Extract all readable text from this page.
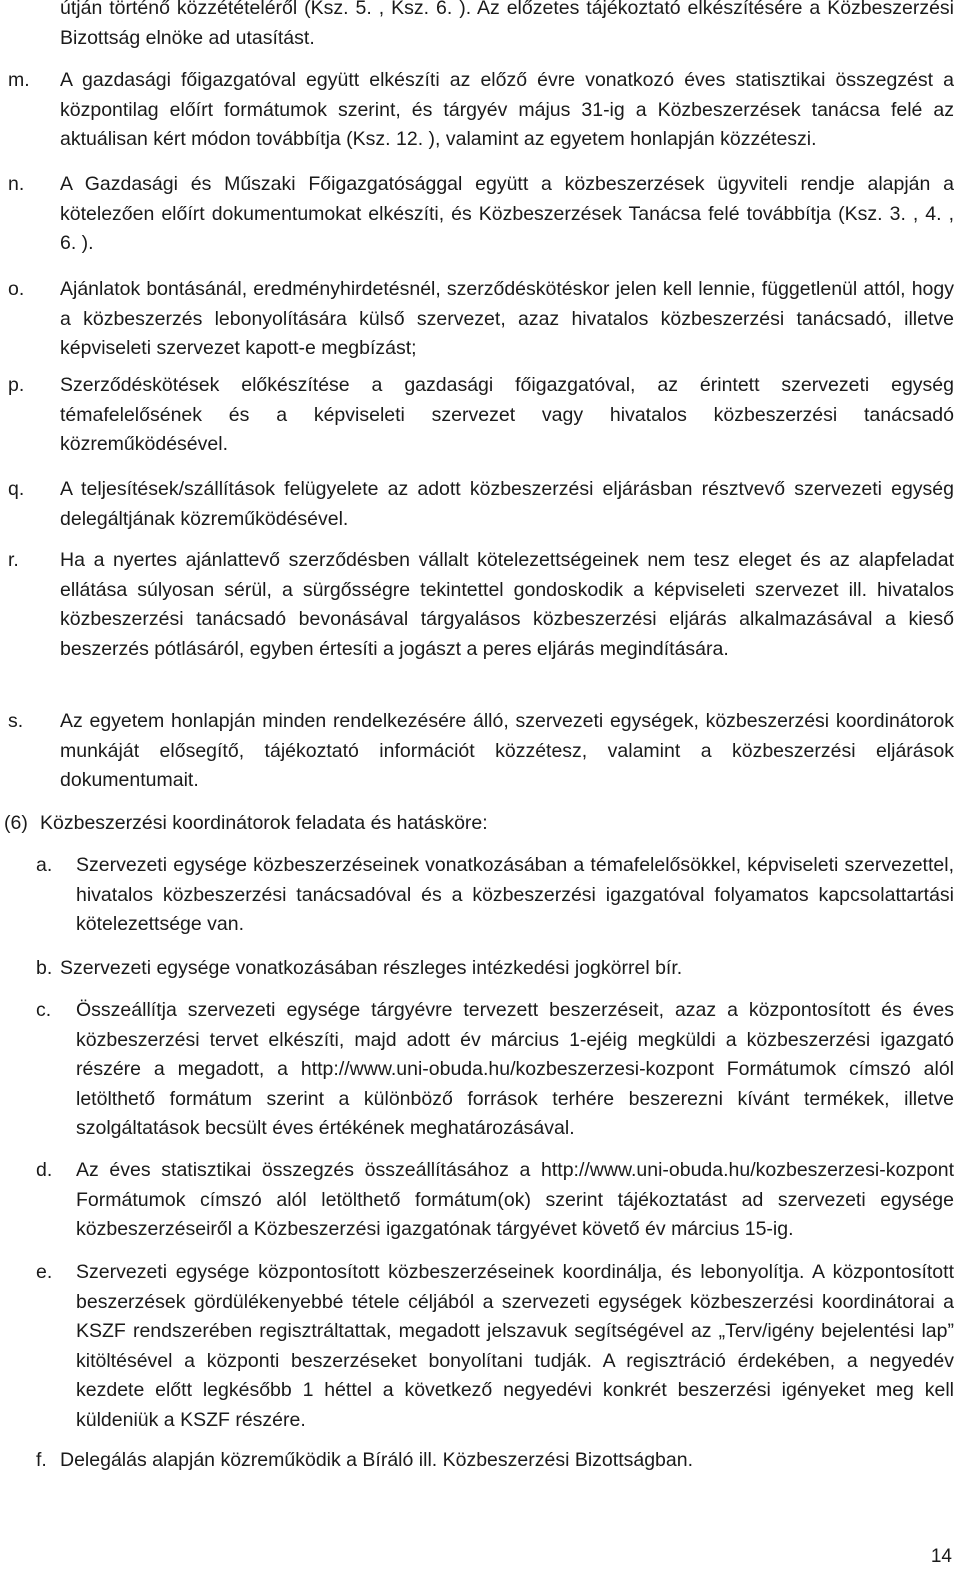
útján történő közzétételéről (Ksz. 5. , Ksz. 6. ). Az előzetes tájékoztató elkészítésére a Közbeszerzési Bizottság elnöke ad utasítást.
m. A gazdasági főigazgatóval együtt elkészíti az előző évre vonatkozó éves statisztikai összegzést a központilag előírt formátumok szerint, és tárgyév május 31-ig a Közbeszerzések tanácsa felé az aktuálisan kért módon továbbítja (Ksz. 12. ), valamint az egyetem honlapján közzéteszi.
n. A Gazdasági és Műszaki Főigazgatósággal együtt a közbeszerzések ügyviteli rendje alapján a kötelezően előírt dokumentumokat elkészíti, és Közbeszerzések Tanácsa felé továbbítja (Ksz. 3. , 4. , 6. ).
o. Ajánlatok bontásánál, eredményhirdetésnél, szerződéskötéskor jelen kell lennie, függetlenül attól, hogy a közbeszerzés lebonyolítására külső szervezet, azaz hivatalos közbeszerzési tanácsadó, illetve képviseleti szervezet kapott-e megbízást;
p. Szerződéskötések előkészítése a gazdasági főigazgatóval, az érintett szervezeti egység témafelelősének és a képviseleti szervezet vagy hivatalos közbeszerzési tanácsadó közreműködésével.
q. A teljesítések/szállítások felügyelete az adott közbeszerzési eljárásban résztvevő szervezeti egység delegáltjának közreműködésével.
r. Ha a nyertes ajánlattevő szerződésben vállalt kötelezettségeinek nem tesz eleget és az alapfeladat ellátása súlyosan sérül, a sürgősségre tekintettel gondoskodik a képviseleti szervezet ill. hivatalos közbeszerzési tanácsadó bevonásával tárgyalásos közbeszerzési eljárás alkalmazásával a kieső beszerzés pótlásáról, egyben értesíti a jogászt a peres eljárás megindítására.
s. Az egyetem honlapján minden rendelkezésére álló, szervezeti egységek, közbeszerzési koordinátorok munkáját elősegítő, tájékoztató információt közzétesz, valamint a közbeszerzési eljárások dokumentumait.
(6) Közbeszerzési koordinátorok feladata és hatásköre:
a. Szervezeti egysége közbeszerzéseinek vonatkozásában a témafelelősökkel, képviseleti szervezettel, hivatalos közbeszerzési tanácsadóval és a közbeszerzési igazgatóval folyamatos kapcsolattartási kötelezettsége van.
b. Szervezeti egysége vonatkozásában részleges intézkedési jogkörrel bír.
c. Összeállítja szervezeti egysége tárgyévre tervezett beszerzéseit, azaz a központosított és éves közbeszerzési tervet elkészíti, majd adott év március 1-ejéig megküldi a közbeszerzési igazgató részére a megadott, a http://www.uni-obuda.hu/kozbeszerzesi-kozpont Formátumok címszó alól letölthető formátum szerint a különböző források terhére beszerezni kívánt termékek, illetve szolgáltatások becsült éves értékének meghatározásával.
d. Az éves statisztikai összegzés összeállításához a http://www.uni-obuda.hu/kozbeszerzesi-kozpont Formátumok címszó alól letölthető formátum(ok) szerint tájékoztatást ad szervezeti egysége közbeszerzéseiről a Közbeszerzési igazgatónak tárgyévet követő év március 15-ig.
e. Szervezeti egysége központosított közbeszerzéseinek koordinálja, és lebonyolítja. A központosított beszerzések gördülékenyebbé tétele céljából a szervezeti egységek közbeszerzési koordinátorai a KSZF rendszerében regisztráltattak, megadott jelszavuk segítségével az „Terv/igény bejelentési lap” kitöltésével a központi beszerzéseket bonyolítani tudják. A regisztráció érdekében, a negyedév kezdete előtt legkésőbb 1 héttel a következő negyedévi konkrét beszerzési igényeket meg kell küldeniük a KSZF részére.
f. Delegálás alapján közreműködik a Bíráló ill. Közbeszerzési Bizottságban.
14
